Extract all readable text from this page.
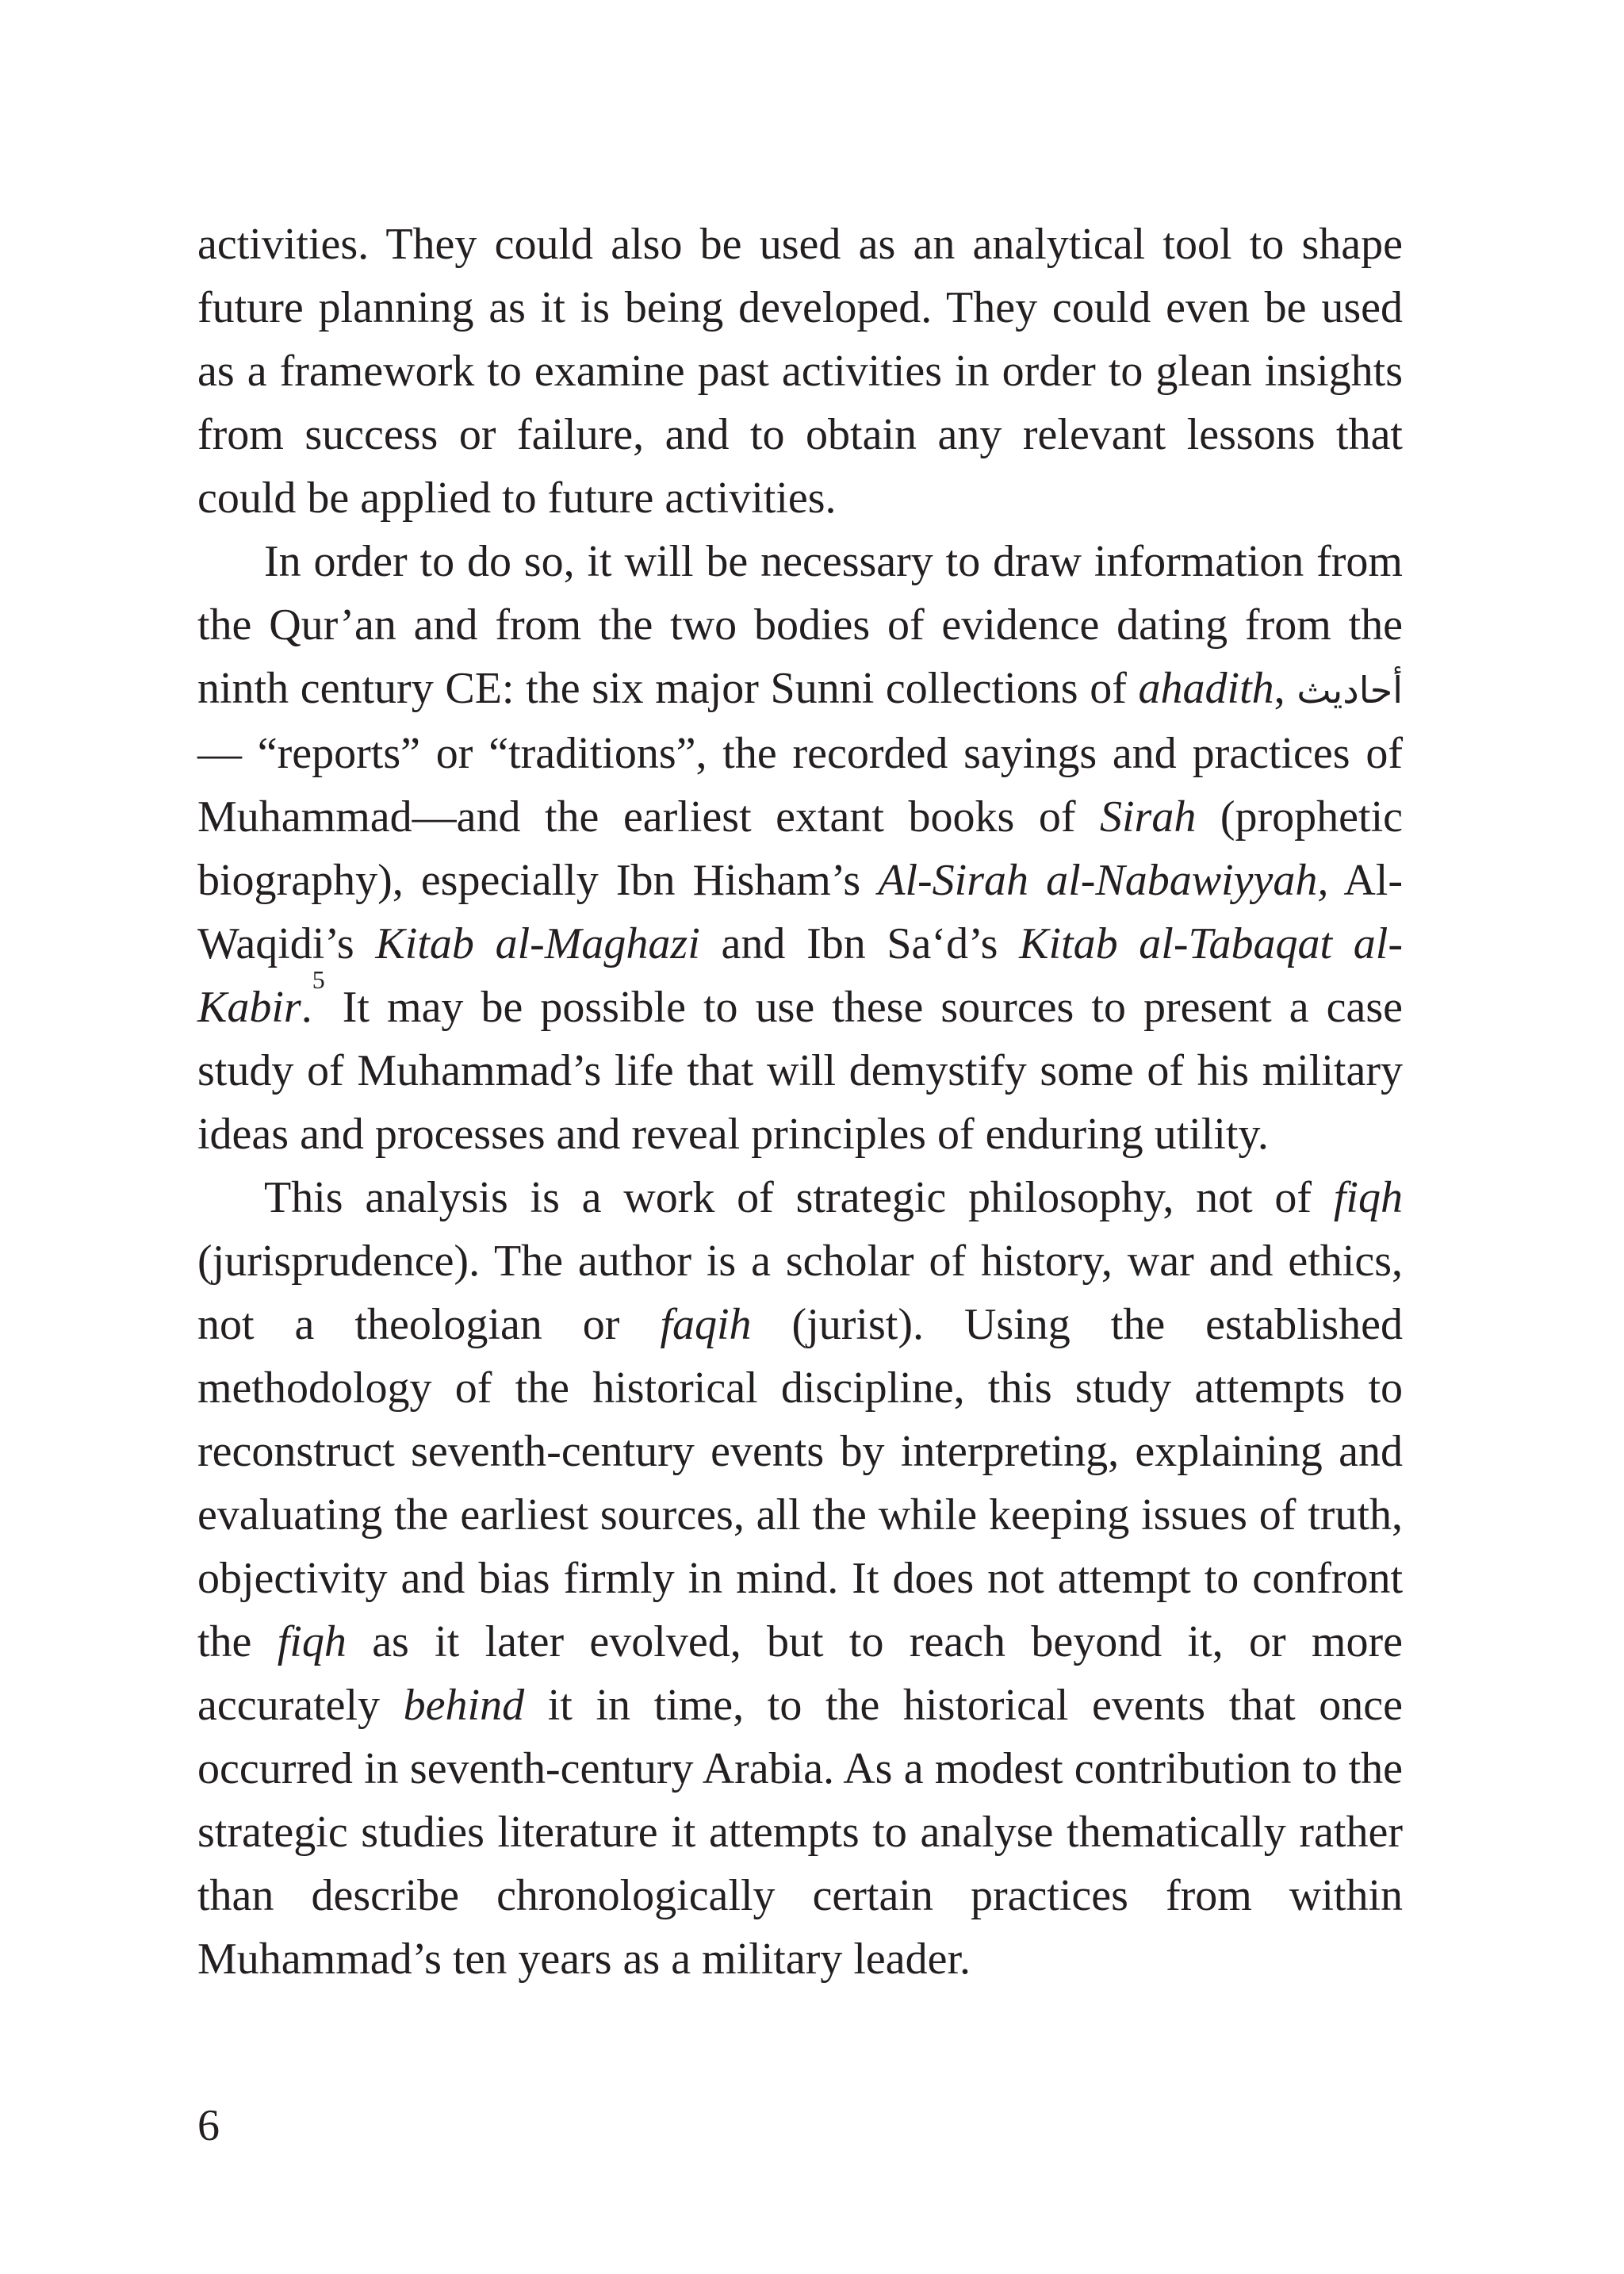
activities. They could also be used as an analytical tool to shape future planning as it is being developed. They could even be used as a framework to examine past activities in order to glean insights from success or failure, and to obtain any relevant lessons that could be applied to future activities.

In order to do so, it will be necessary to draw information from the Qur’an and from the two bodies of evidence dating from the ninth century CE: the six major Sunni collections of ahadith, أحاديث— “reports” or “traditions”, the recorded sayings and practices of Muhammad—and the earliest extant books of Sirah (prophetic biography), especially Ibn Hisham’s Al-Sirah al-Nabawiyyah, Al-Waqidi’s Kitab al-Maghazi and Ibn Sa‘d’s Kitab al-Tabaqat al-Kabir.$^5$ It may be possible to use these sources to present a case study of Muhammad’s life that will demystify some of his military ideas and processes and reveal principles of enduring utility.

This analysis is a work of strategic philosophy, not of fiqh (jurisprudence). The author is a scholar of history, war and ethics, not a theologian or faqih (jurist). Using the established methodology of the historical discipline, this study attempts to reconstruct seventh-century events by interpreting, explaining and evaluating the earliest sources, all the while keeping issues of truth, objectivity and bias firmly in mind. It does not attempt to confront the fiqh as it later evolved, but to reach beyond it, or more accurately behind it in time, to the historical events that once occurred in seventh-century Arabia. As a modest contribution to the strategic studies literature it attempts to analyse thematically rather than describe chronologically certain practices from within Muhammad’s ten years as a military leader.

6
